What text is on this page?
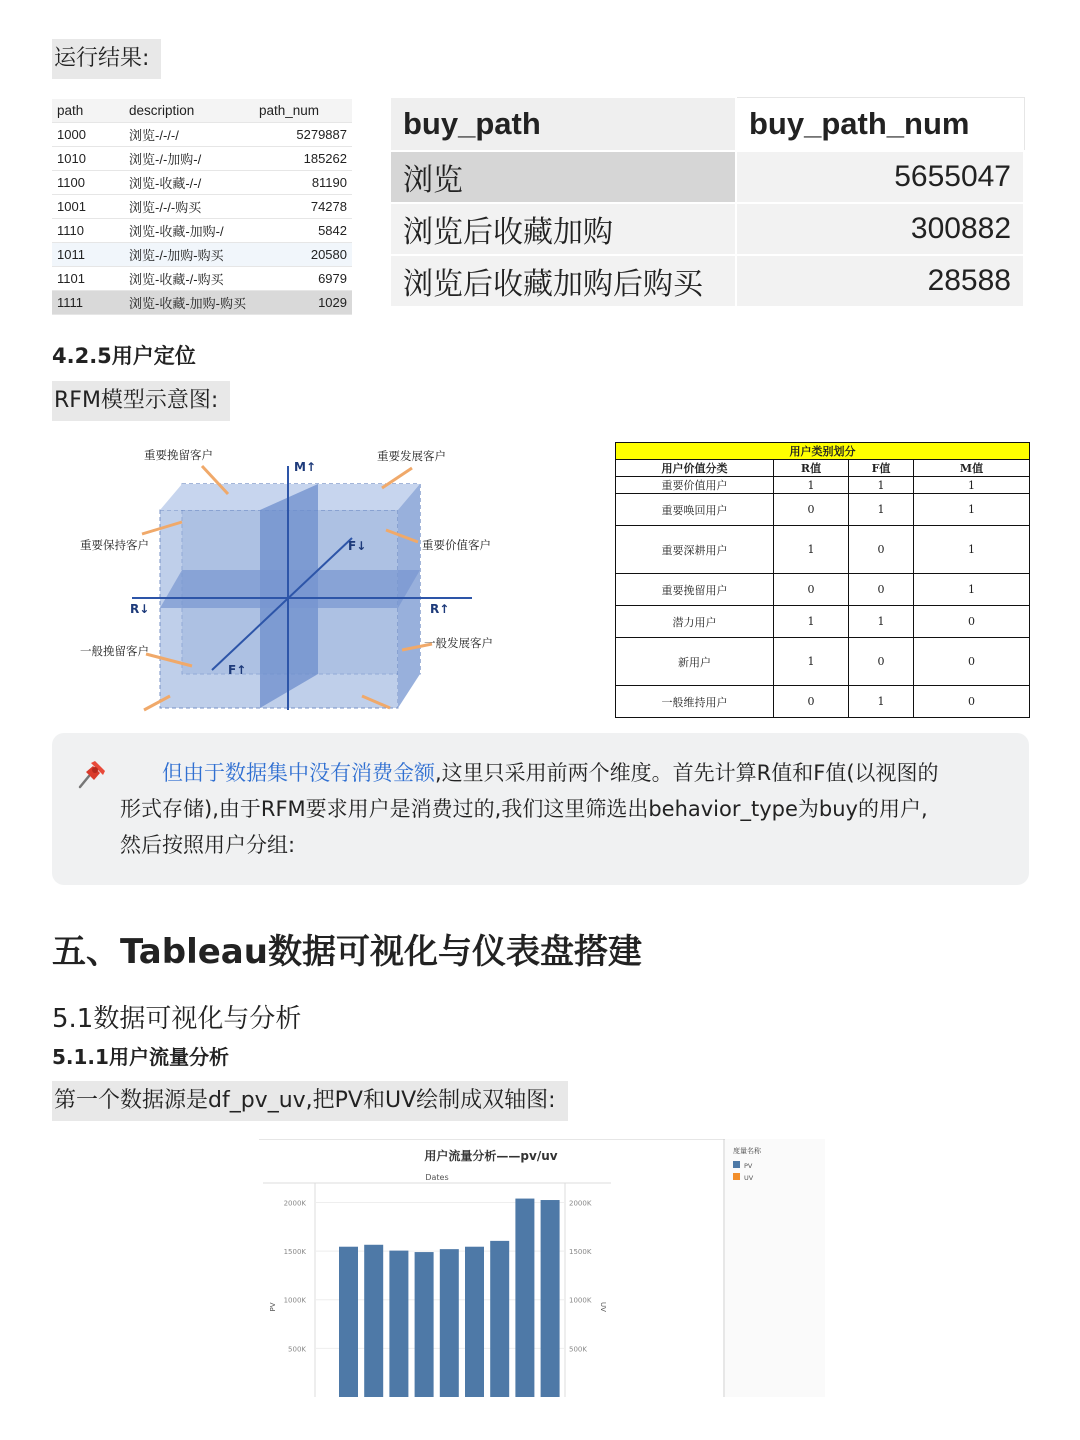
运行结果:
path	description	path_num
1000	浏览-/-/-/	5279887
1010	浏览-/-加购-/	185262
1100	浏览-收藏-/-/	81190
1001	浏览-/-/-购买	74278
1110	浏览-收藏-加购-/	5842
1011	浏览-/-加购-购买	20580
1101	浏览-收藏-/-购买	6979
1111	浏览-收藏-加购-购买	1029
buy_path	buy_path_num
浏览	5655047
浏览后收藏加购	300882
浏览后收藏加购后购买	28588
4.2.5用户定位
RFM模型示意图:
重要挽留客户	重要发展客户
重要保持客户	重要价值客户
一般挽留客户
一般发展客户
M↑
F↓
R↓	R↑
F↑
用户类别划分			
用户价值分类	R值	F值	M值
重要价值用户	1	1	1
重要唤回用户	0	1	1
重要深耕用户	1	0	1
重要挽留用户	0	0	1
潜力用户	1	1	0
新用户	1	0	0
一般维持用户	0	1	0
但由于数据集中没有消费金额,这里只采用前两个维度。首先计算R值和F值(以视图的
形式存储),由于RFM要求用户是消费过的,我们这里筛选出behavior_type为buy的用户,
然后按照用户分组:
五、Tableau数据可视化与仪表盘搭建
5.1数据可视化与分析
5.1.1用户流量分析
第一个数据源是df_pv_uv,把PV和UV绘制成双轴图:
用户流量分析——pv/uv
Dates
PV	UV
度量名称
2000K	2000K
1500K	1500K
1000K	1000K
500K	500K
PV
UV
